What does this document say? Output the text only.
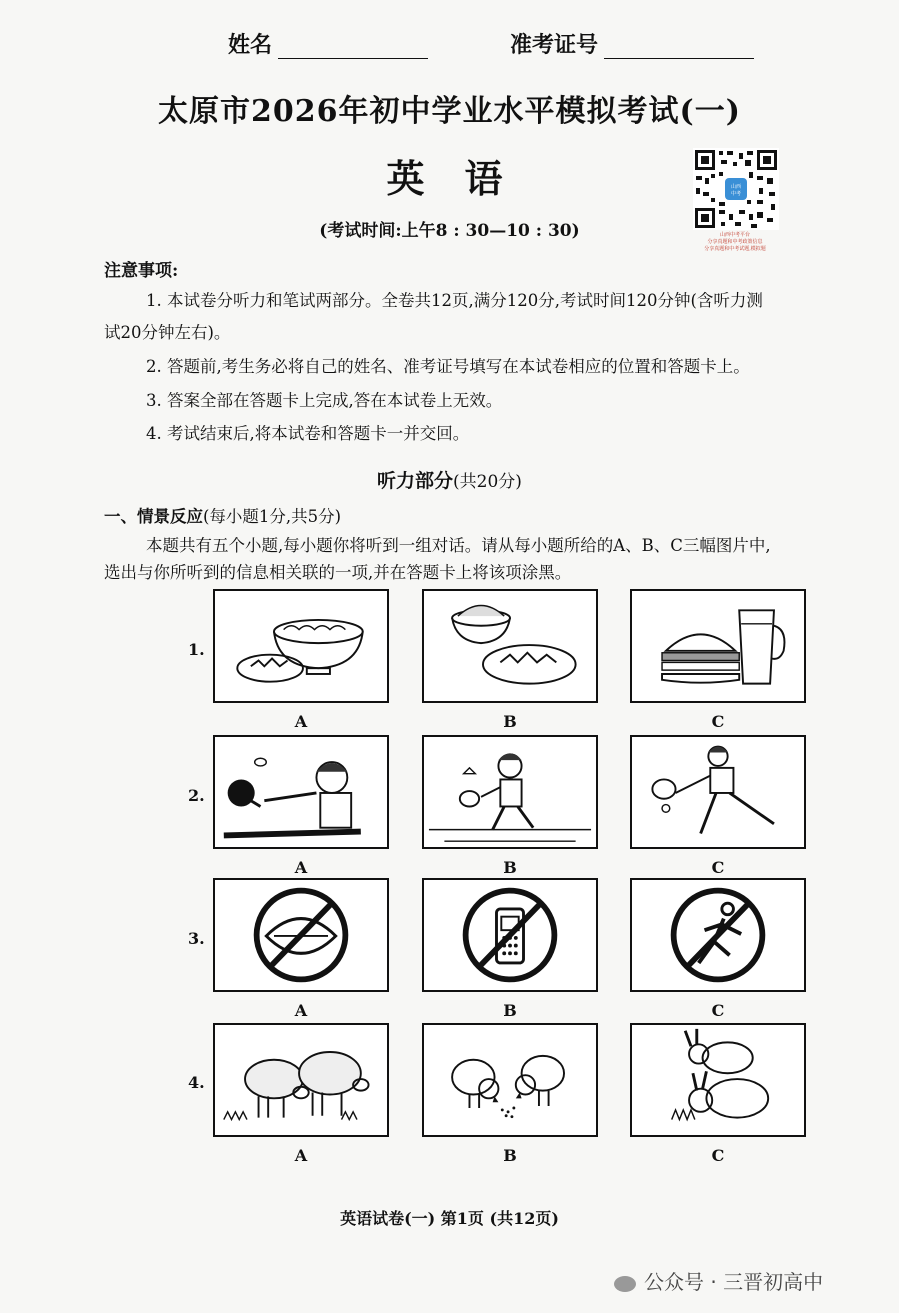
姓名	准考证号
太原市2026年初中学业水平模拟考试(一)
英语
(考试时间:上午8 : 30—10 : 30)
山西
中考
山西中考平台
分享真题和中考政策信息
分享真题和中考试题,模拟题
注意事项:
1. 本试卷分听力和笔试两部分。全卷共12页,满分120分,考试时间120分钟(含听力测
试20分钟左右)。
2. 答题前,考生务必将自己的姓名、准考证号填写在本试卷相应的位置和答题卡上。
3. 答案全部在答题卡上完成,答在本试卷上无效。
4. 考试结束后,将本试卷和答题卡一并交回。
听力部分(共20分)
一、情景反应(每小题1分,共5分)
本题共有五个小题,每小题你将听到一组对话。请从每小题所给的A、B、C三幅图片中,
选出与你所听到的信息相关联的一项,并在答题卡上将该项涂黑。
1.
A	B	C
2.
A	B	C
3.
A	B	C
4.
A	B	C
英语试卷(一) 第1页 (共12页)
公众号 · 三晋初高中
